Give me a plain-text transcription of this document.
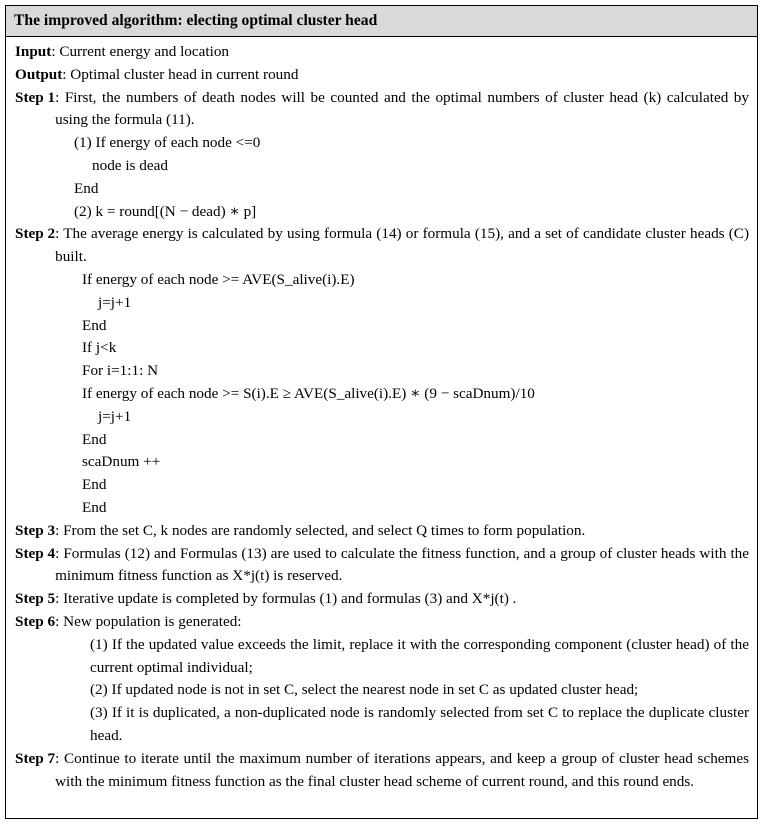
The improved algorithm: electing optimal cluster head
Input: Current energy and location
Output: Optimal cluster head in current round
Step 1 : First, the numbers of death nodes will be counted and the optimal numbers of cluster head (k) calculated by using the formula (11).
(1) If energy of each node <=0
node is dead
End
(2) k = round[(N − dead) ∗ p]
Step 2 : The average energy is calculated by using formula (14) or formula (15), and a set of candidate cluster heads (C) built.
If energy of each node >= AVE(S_alive(i).E)
j=j+1
End
If j<k
For i=1:1: N
If energy of each node >= S(i).E ≥ AVE(S_alive(i).E) ∗ (9 − scaDnum)/10
j=j+1
End
scaDnum ++
End
End
Step 3 : From the set C, k nodes are randomly selected, and select Q times to form population.
Step 4 : Formulas (12) and Formulas (13) are used to calculate the fitness function, and a group of cluster heads with the minimum fitness function as X*j(t) is reserved.
Step 5 : Iterative update is completed by formulas (1) and formulas (3) and X*j(t) .
Step 6 : New population is generated:
(1) If the updated value exceeds the limit, replace it with the corresponding component (cluster head) of the current optimal individual;
(2) If updated node is not in set C, select the nearest node in set C as updated cluster head;
(3) If it is duplicated, a non-duplicated node is randomly selected from set C to replace the duplicate cluster head.
Step 7 : Continue to iterate until the maximum number of iterations appears, and keep a group of cluster head schemes with the minimum fitness function as the final cluster head scheme of current round, and this round ends.
